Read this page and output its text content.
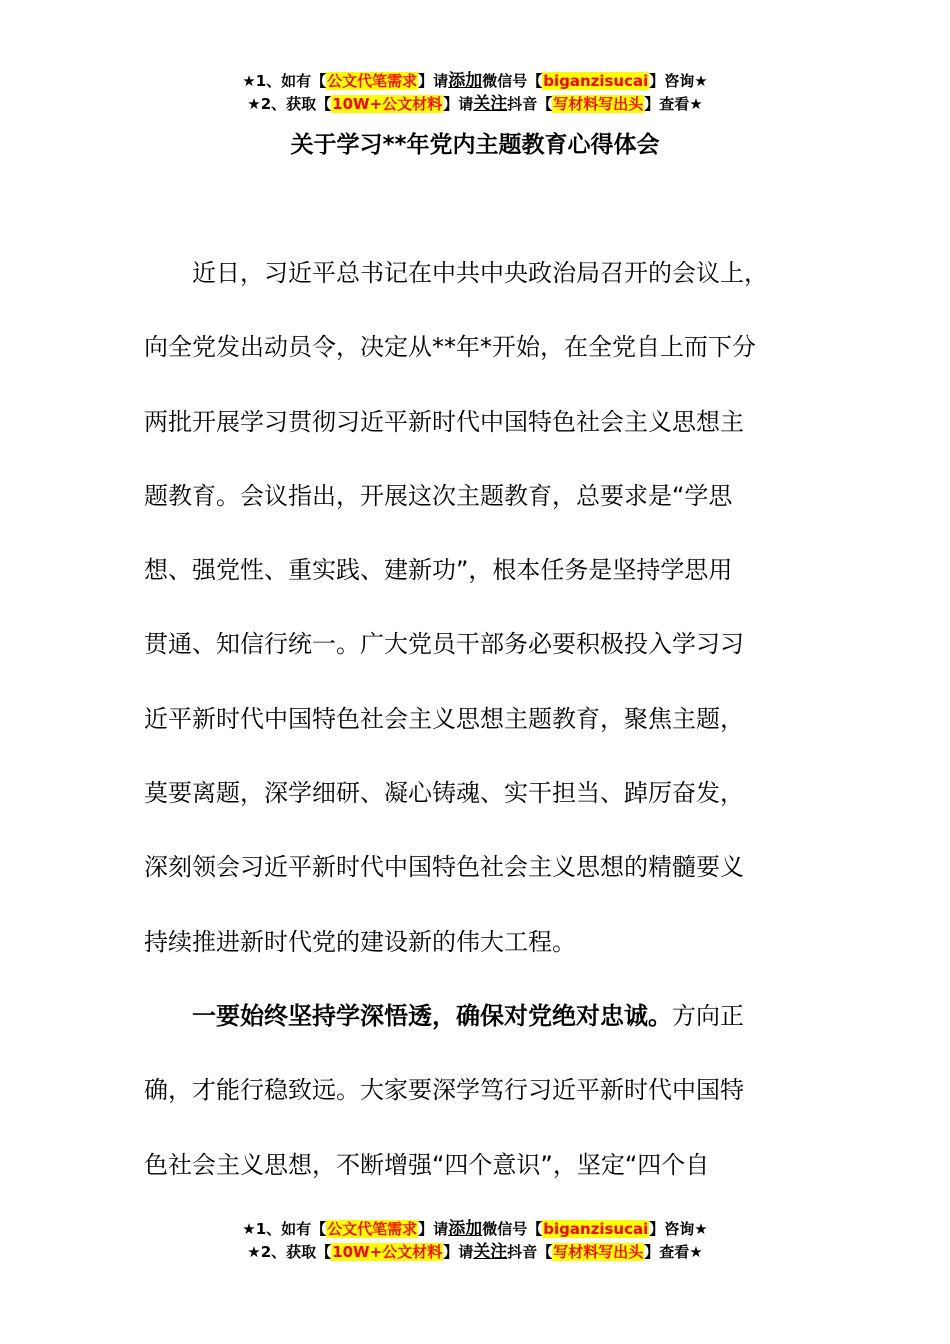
★1、如有【公文代笔需求】请添加微信号【biganzisucai】咨询★
★2、获取【10W+公文材料】请关注抖音【写材料写出头】查看★
关于学习**年党内主题教育心得体会
近日，习近平总书记在中共中央政治局召开的会议上，
向全党发出动员令，决定从**年*开始，在全党自上而下分
两批开展学习贯彻习近平新时代中国特色社会主义思想主
题教育。会议指出，开展这次主题教育，总要求是“学思
想、强党性、重实践、建新功”，根本任务是坚持学思用
贯通、知信行统一。广大党员干部务必要积极投入学习习
近平新时代中国特色社会主义思想主题教育，聚焦主题，
莫要离题，深学细研、凝心铸魂、实干担当、踔厉奋发，
深刻领会习近平新时代中国特色社会主义思想的精髓要义
持续推进新时代党的建设新的伟大工程。
一要始终坚持学深悟透，确保对党绝对忠诚。方向正
确，才能行稳致远。大家要深学笃行习近平新时代中国特
色社会主义思想，不断增强“四个意识”，坚定“四个自
★1、如有【公文代笔需求】请添加微信号【biganzisucai】咨询★
★2、获取【10W+公文材料】请关注抖音【写材料写出头】查看★
